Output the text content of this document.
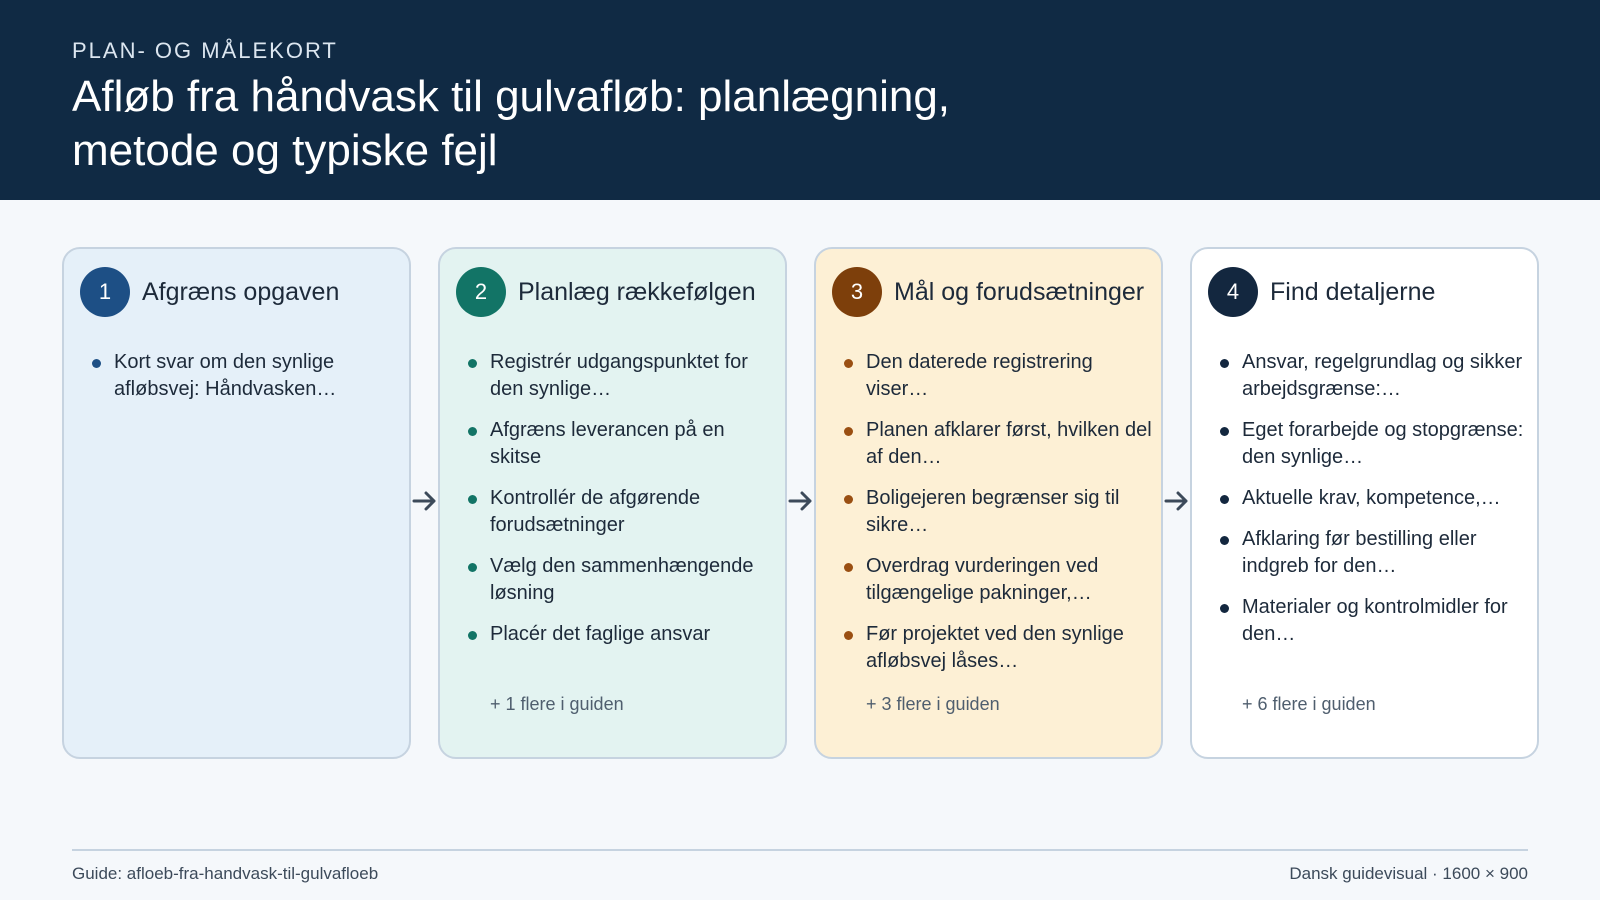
PLAN- OG MÅLEKORT
Afløb fra håndvask til gulvafløb: planlægning, metode og typiske fejl
1	Afgræns opgaven
Kort svar om den synlige afløbsvej: Håndvasken…
2	Planlæg rækkefølgen
Registrér udgangspunktet for den synlige…
Afgræns leverancen på en skitse
Kontrollér de afgørende forudsætninger
Vælg den sammenhængende løsning
Placér det faglige ansvar
+ 1 flere i guiden
3	Mål og forudsætninger
Den daterede registrering viser…
Planen afklarer først, hvilken del af den…
Boligejeren begrænser sig til sikre…
Overdrag vurderingen ved tilgængelige pakninger,…
Før projektet ved den synlige afløbsvej låses…
+ 3 flere i guiden
4	Find detaljerne
Ansvar, regelgrundlag og sikker arbejdsgrænse:…
Eget forarbejde og stopgrænse: den synlige…
Aktuelle krav, kompetence,…
Afklaring før bestilling eller indgreb for den…
Materialer og kontrolmidler for den…
+ 6 flere i guiden
Guide: afloeb-fra-handvask-til-gulvafloeb	Dansk guidevisual · 1600 × 900
